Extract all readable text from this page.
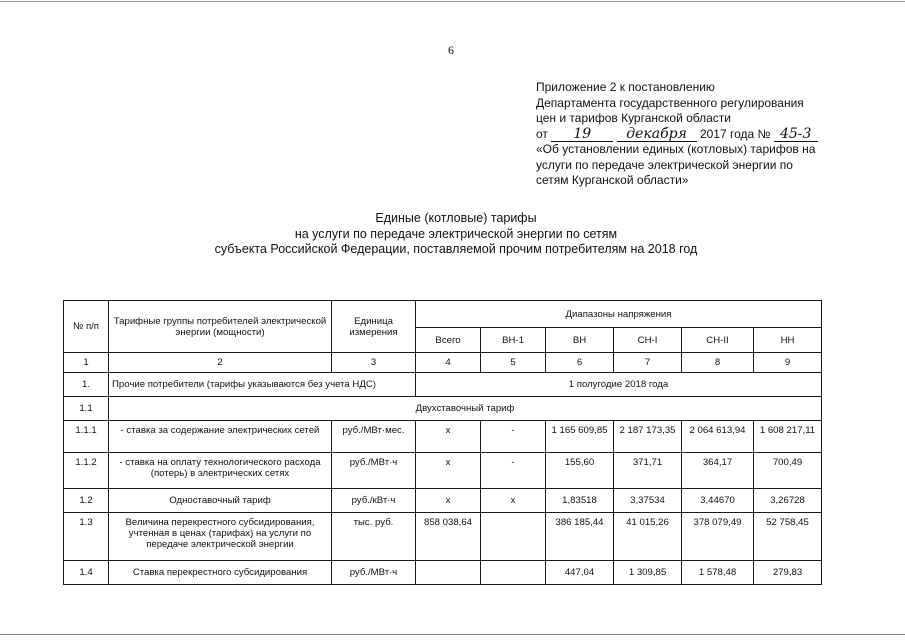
6
Приложение 2 к постановлению
Департамента государственного регулирования
цен и тарифов Курганской области
от 19	декабря 2017 года № 45-3
«Об установлении единых (котловых) тарифов на
услуги по передаче электрической энергии по
сетям Курганской области»
Единые (котловые) тарифы
на услуги по передаче электрической энергии по сетям
субъекта Российской Федерации, поставляемой прочим потребителям на 2018 год
№ п/п	Тарифные группы потребителей электрической энергии (мощности)	Единица измерения	Диапазоны напряжения					
			Всего	ВН-1	ВН	СН-I	СН-II	НН
1	2	3	4	5	6	7	8	9
1.	Прочие потребители (тарифы указываются без учета НДС)		1 полугодие 2018 года					
1.1	Двухставочный тариф							
1.1.1	- ставка за содержание электрических сетей	руб./МВт·мес.	х	-	1 165 609,85	2 187 173,35	2 064 613,94	1 608 217,11
1.1.2	- ставка на оплату технологического расхода (потерь) в электрических сетях	руб./МВт·ч	х	-	155,60	371,71	364,17	700,49
1.2	Одноставочный тариф	руб./кВт·ч	х	х	1,83518	3,37534	3,44670	3,26728
1.3	Величина перекрестного субсидирования, учтенная в ценах (тарифах) на услуги по передаче электрической энергии	тыс. руб.	858 038,64		386 185,44	41 015,26	378 079,49	52 758,45
1.4	Ставка перекрестного субсидирования	руб./МВт·ч			447,04	1 309,85	1 578,48	279,83
